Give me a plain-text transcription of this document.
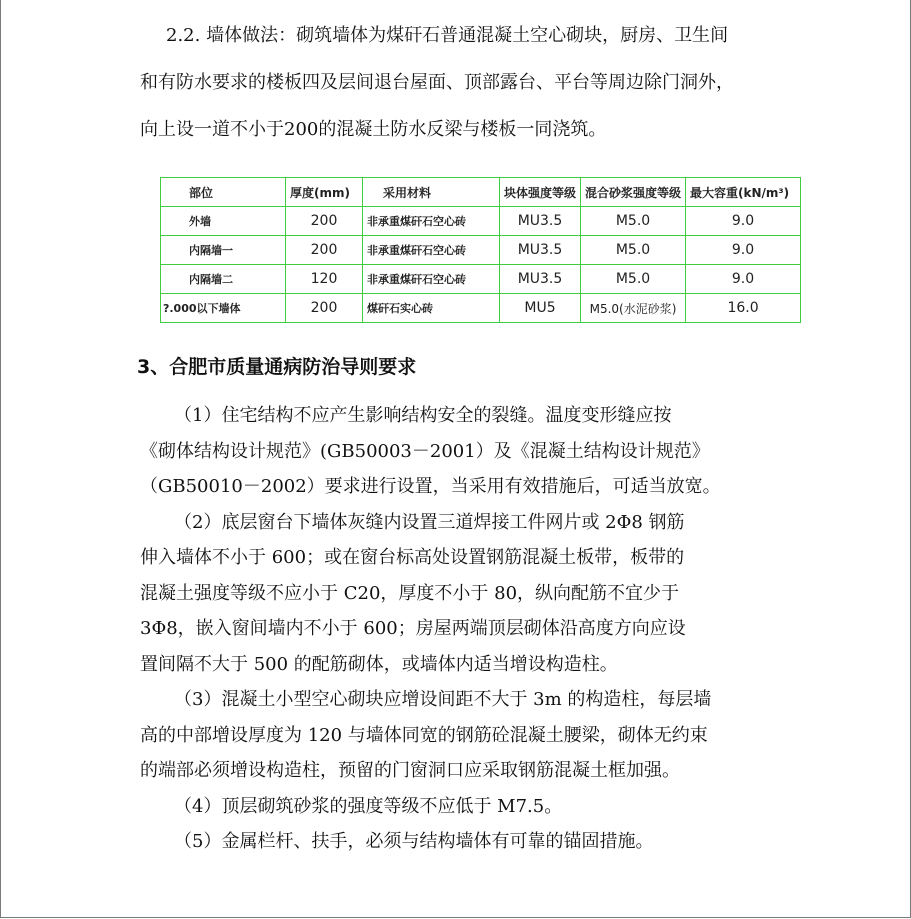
2.2. 墙体做法：砌筑墙体为煤矸石普通混凝土空心砌块，厨房、卫生间
和有防水要求的楼板四及层间退台屋面、顶部露台、平台等周边除门洞外，
向上设一道不小于200的混凝土防水反梁与楼板一同浇筑。
部位	厚度(mm)	采用材料	块体强度等级	混合砂浆强度等级	最大容重(kN/m³)
外墙	200	非承重煤矸石空心砖	MU3.5	M5.0	9.0
内隔墙一	200	非承重煤矸石空心砖	MU3.5	M5.0	9.0
内隔墙二	120	非承重煤矸石空心砖	MU3.5	M5.0	9.0
?.000以下墙体	200	煤矸石实心砖	MU5	M5.0(水泥砂浆)	16.0
3、合肥市质量通病防治导则要求
（1）住宅结构不应产生影响结构安全的裂缝。温度变形缝应按
《砌体结构设计规范》(GB50003－2001）及《混凝土结构设计规范》
（GB50010－2002）要求进行设置，当采用有效措施后，可适当放宽。
（2）底层窗台下墙体灰缝内设置三道焊接工件网片或 2Φ8 钢筋
伸入墙体不小于 600；或在窗台标高处设置钢筋混凝土板带，板带的
混凝土强度等级不应小于 C20，厚度不小于 80，纵向配筋不宜少于
3Φ8，嵌入窗间墙内不小于 600；房屋两端顶层砌体沿高度方向应设
置间隔不大于 500 的配筋砌体，或墙体内适当增设构造柱。
（3）混凝土小型空心砌块应增设间距不大于 3m 的构造柱，每层墙
高的中部增设厚度为 120 与墙体同宽的钢筋砼混凝土腰梁，砌体无约束
的端部必须增设构造柱，预留的门窗洞口应采取钢筋混凝土框加强。
（4）顶层砌筑砂浆的强度等级不应低于 M7.5。
（5）金属栏杆、扶手，必须与结构墙体有可靠的锚固措施。
